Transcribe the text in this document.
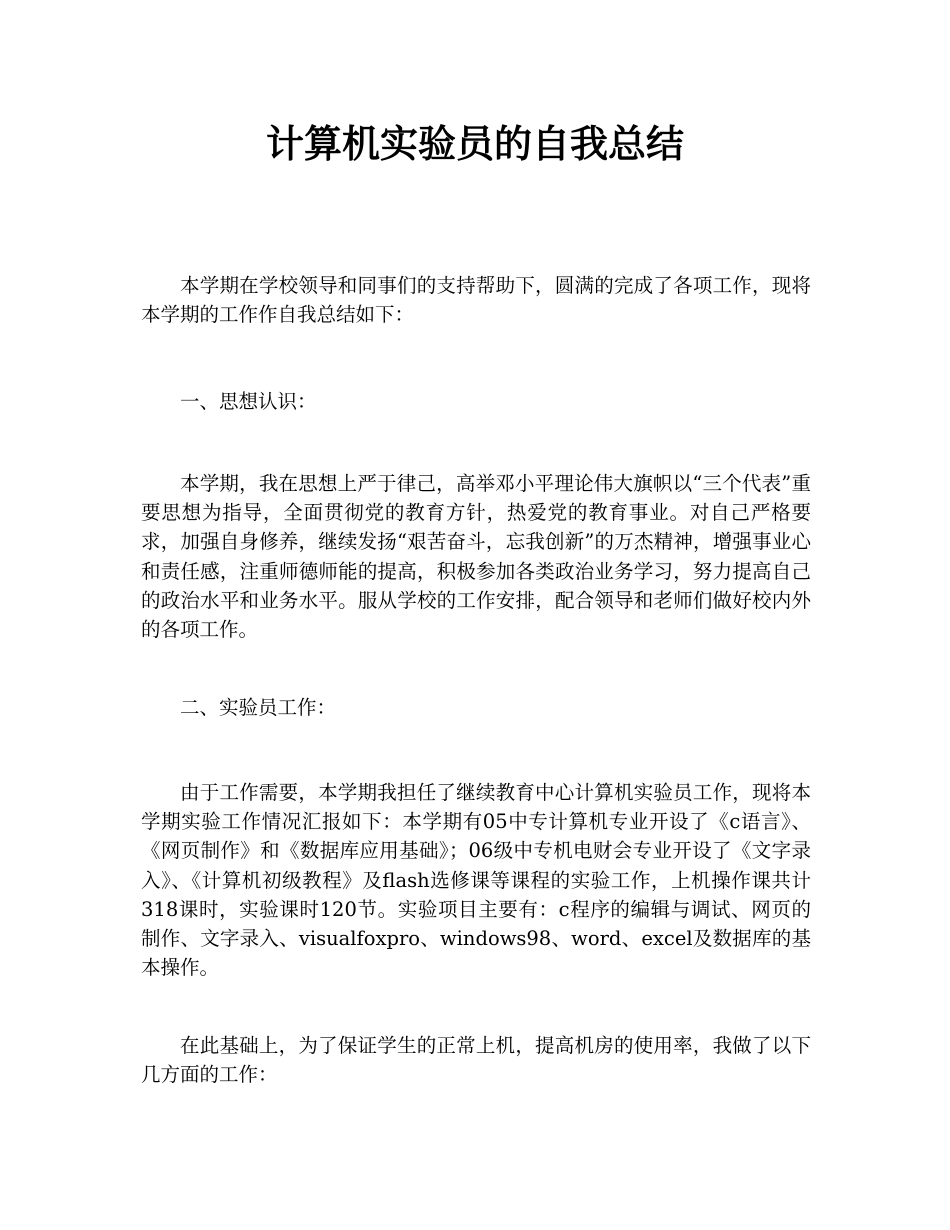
计算机实验员的自我总结

本学期在学校领导和同事们的支持帮助下，圆满的完成了各项工作，现将本学期的工作作自我总结如下：

一、思想认识：

本学期，我在思想上严于律己，高举邓小平理论伟大旗帜以“三个代表”重要思想为指导，全面贯彻党的教育方针，热爱党的教育事业。对自己严格要求，加强自身修养，继续发扬“艰苦奋斗，忘我创新”的万杰精神，增强事业心和责任感，注重师德师能的提高，积极参加各类政治业务学习，努力提高自己的政治水平和业务水平。服从学校的工作安排，配合领导和老师们做好校内外的各项工作。

二、实验员工作：

由于工作需要，本学期我担任了继续教育中心计算机实验员工作，现将本学期实验工作情况汇报如下：本学期有05中专计算机专业开设了《c语言》、《网页制作》和《数据库应用基础》；06级中专机电财会专业开设了《文字录入》、《计算机初级教程》及flash选修课等课程的实验工作，上机操作课共计318课时，实验课时120节。实验项目主要有：c程序的编辑与调试、网页的制作、文字录入、visualfoxpro、windows98、word、excel及数据库的基本操作。

在此基础上，为了保证学生的正常上机，提高机房的使用率，我做了以下几方面的工作：
